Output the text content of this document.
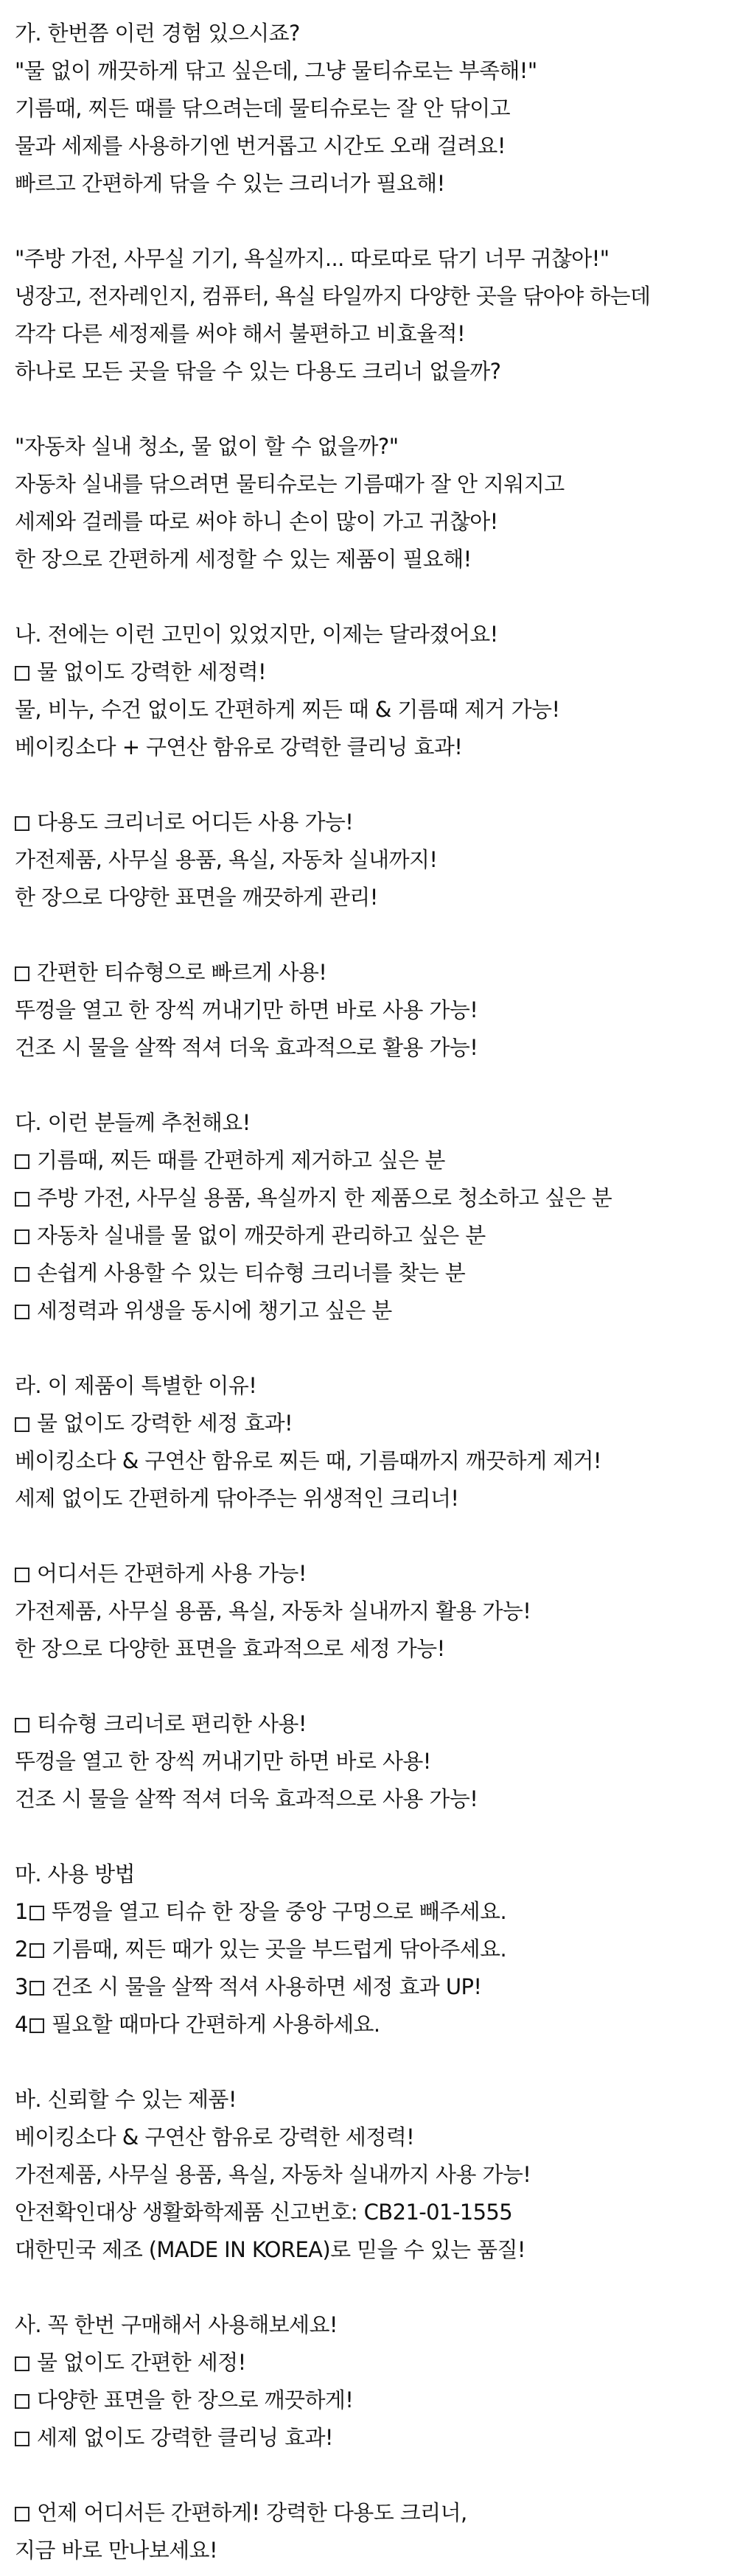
가. 한번쯤 이런 경험 있으시죠?
"물 없이 깨끗하게 닦고 싶은데, 그냥 물티슈로는 부족해!"
기름때, 찌든 때를 닦으려는데 물티슈로는 잘 안 닦이고
물과 세제를 사용하기엔 번거롭고 시간도 오래 걸려요!
빠르고 간편하게 닦을 수 있는 크리너가 필요해!
"주방 가전, 사무실 기기, 욕실까지... 따로따로 닦기 너무 귀찮아!"
냉장고, 전자레인지, 컴퓨터, 욕실 타일까지 다양한 곳을 닦아야 하는데
각각 다른 세정제를 써야 해서 불편하고 비효율적!
하나로 모든 곳을 닦을 수 있는 다용도 크리너 없을까?
"자동차 실내 청소, 물 없이 할 수 없을까?"
자동차 실내를 닦으려면 물티슈로는 기름때가 잘 안 지워지고
세제와 걸레를 따로 써야 하니 손이 많이 가고 귀찮아!
한 장으로 간편하게 세정할 수 있는 제품이 필요해!
나. 전에는 이런 고민이 있었지만, 이제는 달라졌어요!
물 없이도 강력한 세정력!
물, 비누, 수건 없이도 간편하게 찌든 때 & 기름때 제거 가능!
베이킹소다 + 구연산 함유로 강력한 클리닝 효과!
다용도 크리너로 어디든 사용 가능!
가전제품, 사무실 용품, 욕실, 자동차 실내까지!
한 장으로 다양한 표면을 깨끗하게 관리!
간편한 티슈형으로 빠르게 사용!
뚜껑을 열고 한 장씩 꺼내기만 하면 바로 사용 가능!
건조 시 물을 살짝 적셔 더욱 효과적으로 활용 가능!
다. 이런 분들께 추천해요!
기름때, 찌든 때를 간편하게 제거하고 싶은 분
주방 가전, 사무실 용품, 욕실까지 한 제품으로 청소하고 싶은 분
자동차 실내를 물 없이 깨끗하게 관리하고 싶은 분
손쉽게 사용할 수 있는 티슈형 크리너를 찾는 분
세정력과 위생을 동시에 챙기고 싶은 분
라. 이 제품이 특별한 이유!
물 없이도 강력한 세정 효과!
베이킹소다 & 구연산 함유로 찌든 때, 기름때까지 깨끗하게 제거!
세제 없이도 간편하게 닦아주는 위생적인 크리너!
어디서든 간편하게 사용 가능!
가전제품, 사무실 용품, 욕실, 자동차 실내까지 활용 가능!
한 장으로 다양한 표면을 효과적으로 세정 가능!
티슈형 크리너로 편리한 사용!
뚜껑을 열고 한 장씩 꺼내기만 하면 바로 사용!
건조 시 물을 살짝 적셔 더욱 효과적으로 사용 가능!
마. 사용 방법
1 뚜껑을 열고 티슈 한 장을 중앙 구멍으로 빼주세요.
2 기름때, 찌든 때가 있는 곳을 부드럽게 닦아주세요.
3 건조 시 물을 살짝 적셔 사용하면 세정 효과 UP!
4 필요할 때마다 간편하게 사용하세요.
바. 신뢰할 수 있는 제품!
베이킹소다 & 구연산 함유로 강력한 세정력!
가전제품, 사무실 용품, 욕실, 자동차 실내까지 사용 가능!
안전확인대상 생활화학제품 신고번호: CB21-01-1555
대한민국 제조 (MADE IN KOREA)로 믿을 수 있는 품질!
사. 꼭 한번 구매해서 사용해보세요!
물 없이도 간편한 세정!
다양한 표면을 한 장으로 깨끗하게!
세제 없이도 강력한 클리닝 효과!
언제 어디서든 간편하게! 강력한 다용도 크리너,
지금 바로 만나보세요!
